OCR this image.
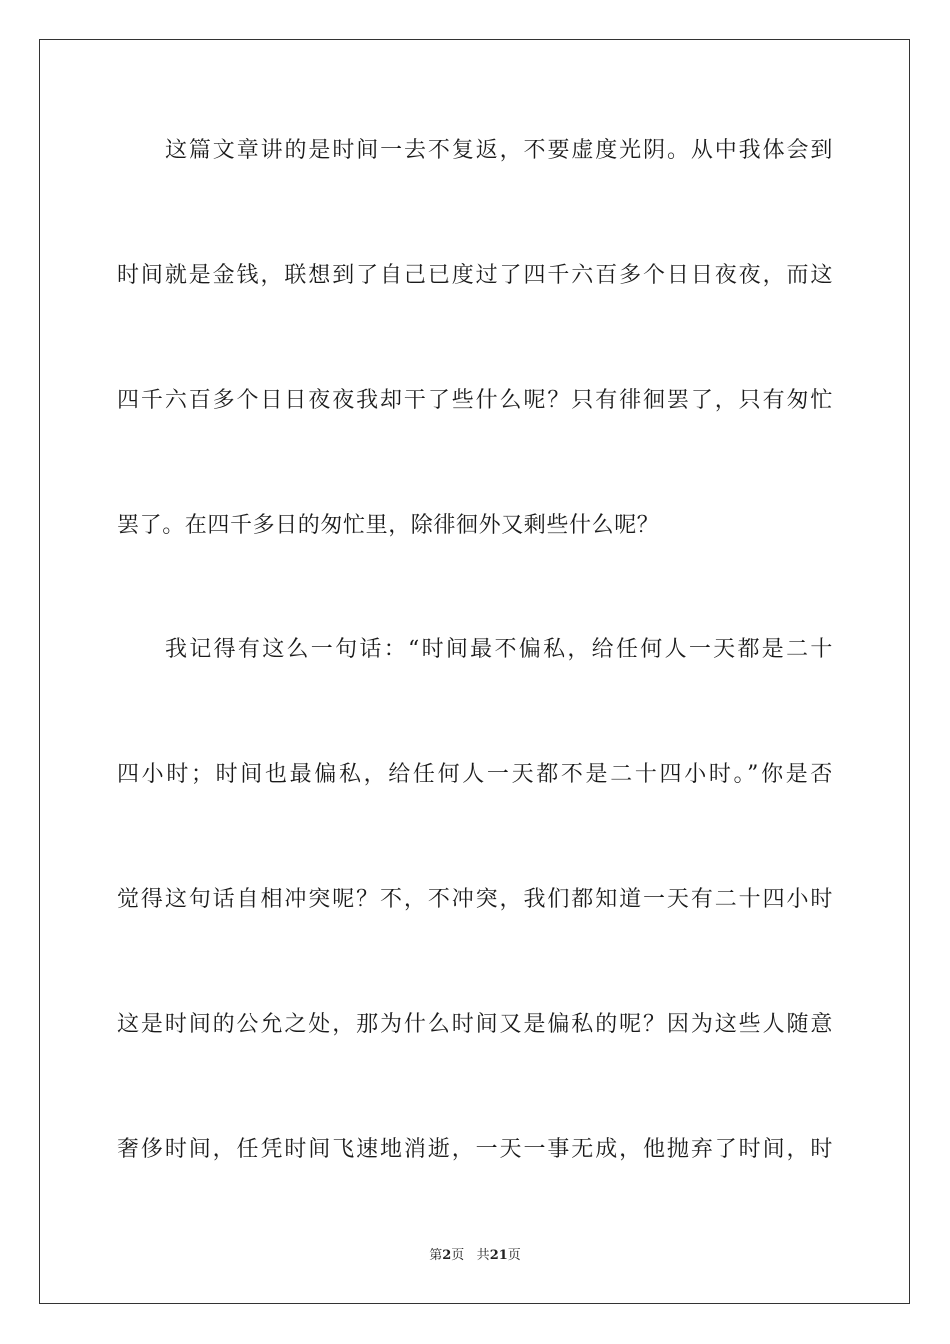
这篇文章讲的是时间一去不复返，不要虚度光阴。从中我体会到
时间就是金钱，联想到了自己已度过了四千六百多个日日夜夜，而这
四千六百多个日日夜夜我却干了些什么呢？只有徘徊罢了，只有匆忙
罢了。在四千多日的匆忙里，除徘徊外又剩些什么呢？
我记得有这么一句话：“时间最不偏私，给任何人一天都是二十
四小时；时间也最偏私，给任何人一天都不是二十四小时。”你是否
觉得这句话自相冲突呢？不，不冲突，我们都知道一天有二十四小时
这是时间的公允之处，那为什么时间又是偏私的呢？因为这些人随意
奢侈时间，任凭时间飞速地消逝，一天一事无成，他抛弃了时间，时
第2页 共21页
